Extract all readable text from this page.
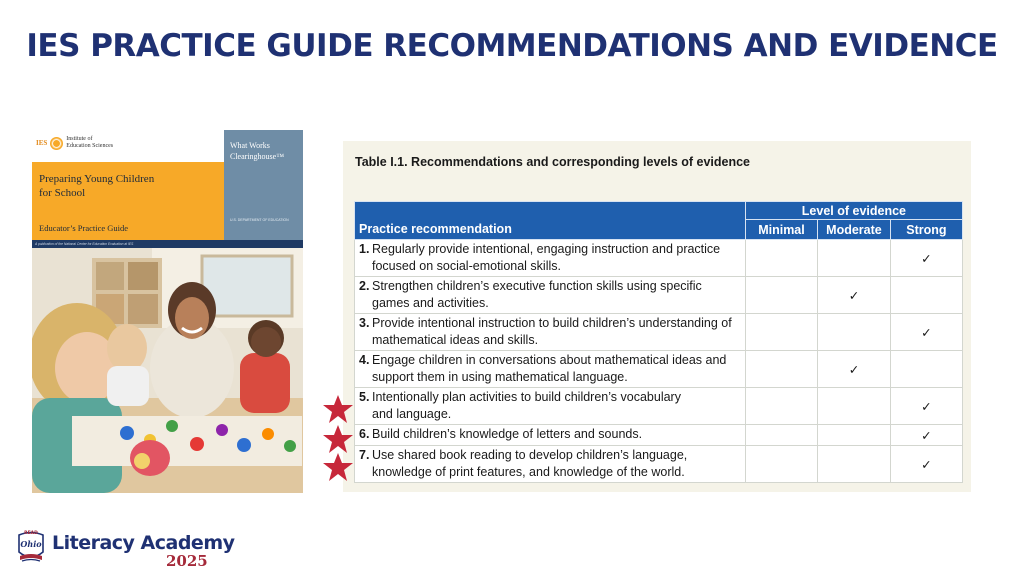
IES PRACTICE GUIDE RECOMMENDATIONS AND EVIDENCE
IES	Institute of
Education Sciences
Preparing Young Children
for School
Educator’s Practice Guide
What Works
Clearinghouse™
U.S. DEPARTMENT OF EDUCATION
A publication of the National Center for Education Evaluation at IES
Table I.1. Recommendations and corresponding levels of evidence
Practice recommendation	Level of evidence		
	Minimal	Moderate	Strong
1. Regularly provide intentional, engaging instruction and practice
focused on social-emotional skills.			✓
2. Strengthen children’s executive function skills using specific
games and activities.		✓	
3. Provide intentional instruction to build children’s understanding of
mathematical ideas and skills.			✓
4. Engage children in conversations about mathematical ideas and
support them in using mathematical language.		✓	
5. Intentionally plan activities to build children’s vocabulary
and language.			✓
6. Build children’s knowledge of letters and sounds.			✓
7. Use shared book reading to develop children’s language,
knowledge of print features, and knowledge of the world.			✓
READ
Ohio Literacy Academy
2025
